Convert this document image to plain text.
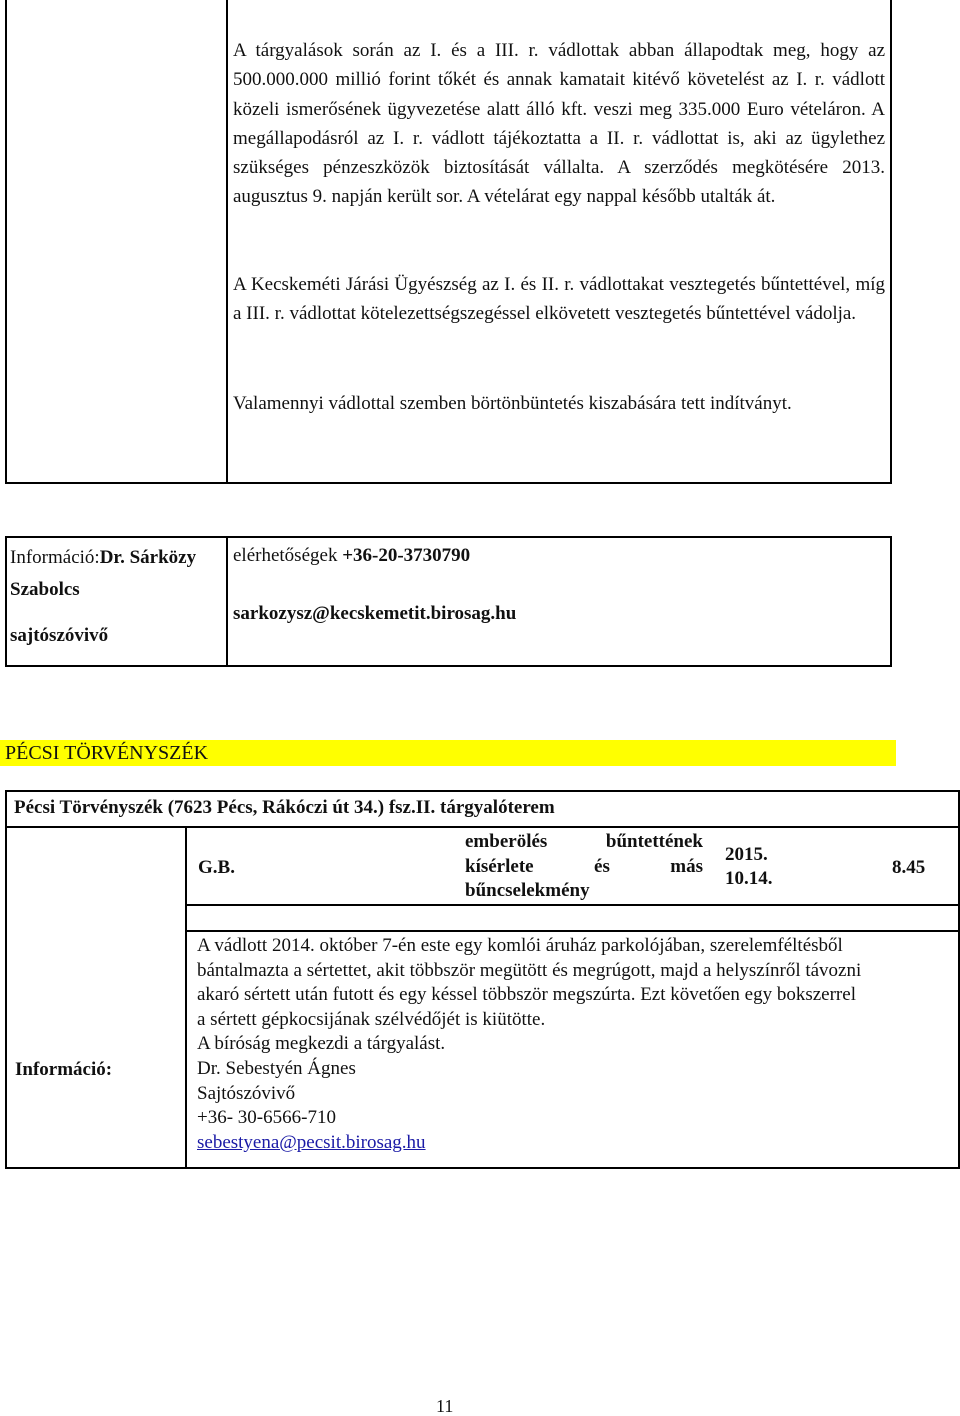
A tárgyalások során az I. és a III. r. vádlottak abban állapodtak meg, hogy az 500.000.000 millió forint tőkét és annak kamatait kitévő követelést az I. r. vádlott közeli ismerősének ügyvezetése alatt álló kft. veszi meg 335.000 Euro vételáron. A megállapodásról az I. r. vádlott tájékoztatta a II. r. vádlottat is, aki az ügylethez szükséges pénzeszközök biztosítását vállalta. A szerződés megkötésére 2013. augusztus 9. napján került sor. A vételárat egy nappal később utalták át.

A Kecskeméti Járási Ügyészség az I. és II. r. vádlottakat vesztegetés bűntettével, míg a III. r. vádlottat kötelezettségszegéssel elkövetett vesztegetés bűntettével vádolja.

Valamennyi vádlottal szemben börtönbüntetés kiszabására tett indítványt.

Információ:Dr. Sárközy
Szabolcs
sajtószóvivő
elérhetőségek +36-20-3730790
sarkozysz@kecskemetit.birosag.hu
PÉCSI TÖRVÉNYSZÉK
Pécsi Törvényszék (7623 Pécs, Rákóczi út 34.) fsz.II. tárgyalóterem
G.B.
emberölés bűntettének kísérlete és más bűncselekmény
2015. 10.14.
8.45
Információ:
A vádlott 2014. október 7-én este egy komlói áruház parkolójában, szerelemféltésből
bántalmazta a sértettet, akit többször megütött és megrúgott, majd a helyszínről távozni
akaró sértett után futott és egy késsel többször megszúrta. Ezt követően egy bokszerrel
a sértett gépkocsijának szélvédőjét is kiütötte.
A bíróság megkezdi a tárgyalást.
Dr. Sebestyén Ágnes
Sajtószóvivő
+36- 30-6566-710
sebestyena@pecsit.birosag.hu
11
